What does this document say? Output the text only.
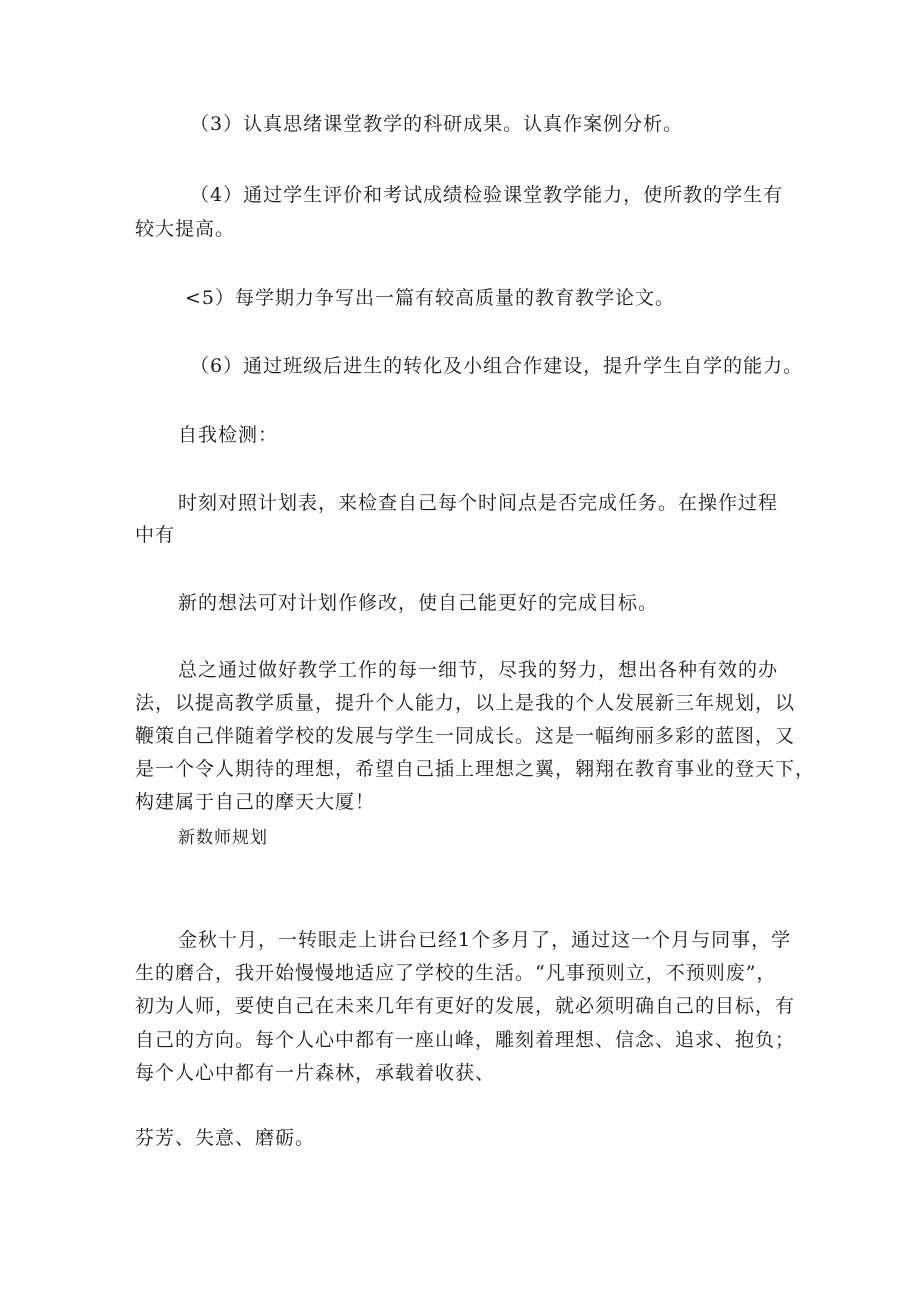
（3）认真思绪课堂教学的科研成果。认真作案例分析。

（4）通过学生评价和考试成绩检验课堂教学能力，使所教的学生有

较大提高。

<5）每学期力争写出一篇有较高质量的教育教学论文。

（6）通过班级后进生的转化及小组合作建设，提升学生自学的能力。

自我检测：

时刻对照计划表，来检查自己每个时间点是否完成任务。在操作过程

中有

新的想法可对计划作修改，使自己能更好的完成目标。

总之通过做好教学工作的每一细节，尽我的努力，想出各种有效的办

法，以提高教学质量，提升个人能力，以上是我的个人发展新三年规划，以

鞭策自己伴随着学校的发展与学生一同成长。这是一幅绚丽多彩的蓝图，又

是一个令人期待的理想，希望自己插上理想之翼，翱翔在教育事业的登天下，

构建属于自己的摩天大厦！

新数师规划

金秋十月，一转眼走上讲台已经1个多月了，通过这一个月与同事，学

生的磨合，我开始慢慢地适应了学校的生活。“凡事预则立，不预则废”，

初为人师，要使自己在未来几年有更好的发展，就必须明确自己的目标，有

自己的方向。每个人心中都有一座山峰，雕刻着理想、信念、追求、抱负；

每个人心中都有一片森林，承载着收获、

芬芳、失意、磨砺。
